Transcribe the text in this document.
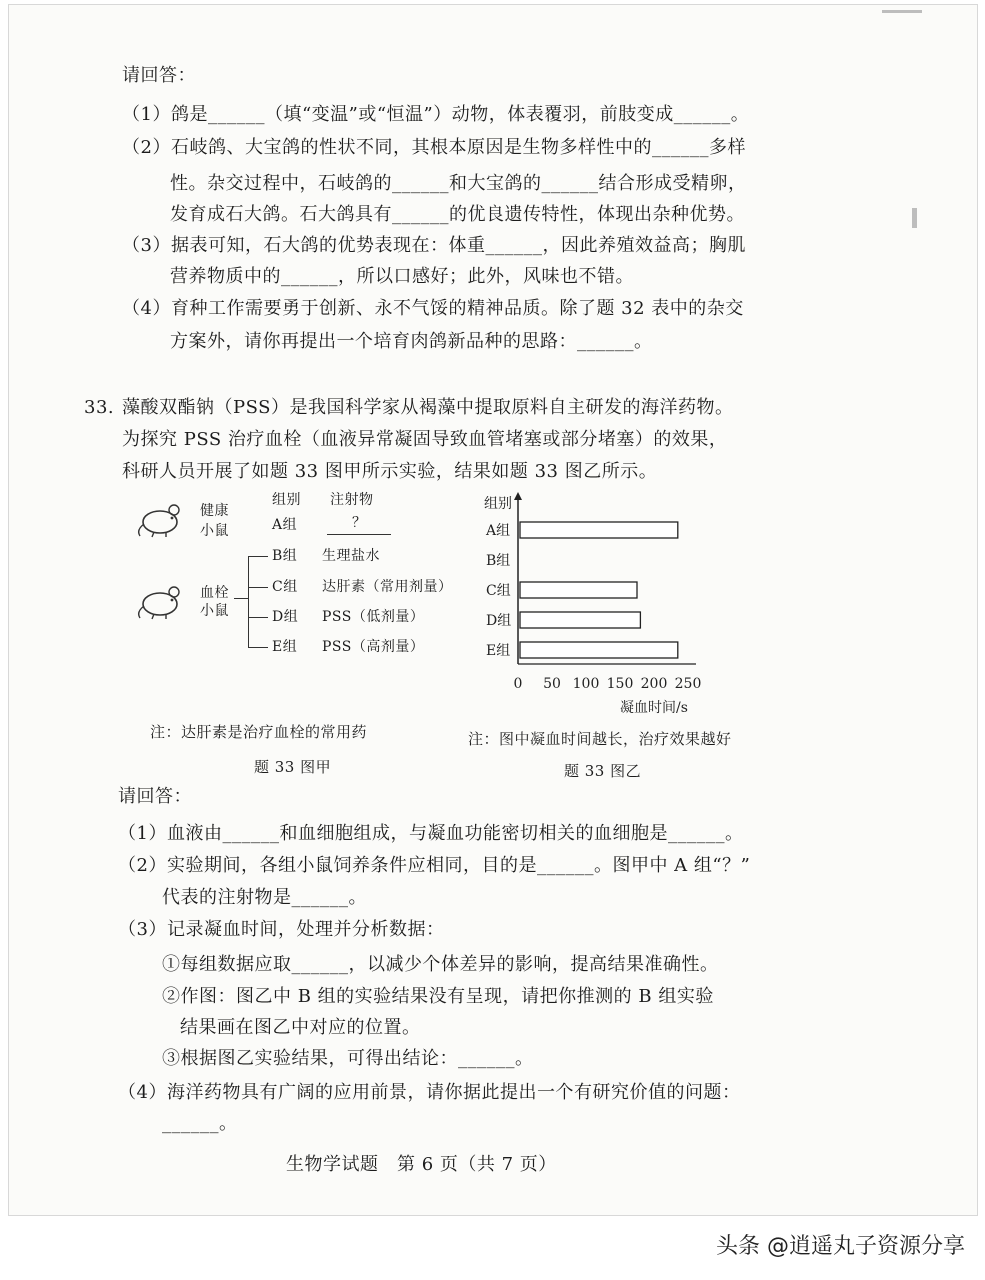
请回答：
（1）鸽是______（填“变温”或“恒温”）动物，体表覆羽，前肢变成______。
（2）石岐鸽、大宝鸽的性状不同，其根本原因是生物多样性中的______多样
性。杂交过程中，石岐鸽的______和大宝鸽的______结合形成受精卵，
发育成石大鸽。石大鸽具有______的优良遗传特性，体现出杂种优势。
（3）据表可知，石大鸽的优势表现在：体重______，因此养殖效益高；胸肌
营养物质中的______，所以口感好；此外，风味也不错。
（4）育种工作需要勇于创新、永不气馁的精神品质。除了题 32 表中的杂交
方案外，请你再提出一个培育肉鸽新品种的思路：______。
33. 藻酸双酯钠（PSS）是我国科学家从褐藻中提取原料自主研发的海洋药物。
为探究 PSS 治疗血栓（血液异常凝固导致血管堵塞或部分堵塞）的效果，
科研人员开展了如题 33 图甲所示实验，结果如题 33 图乙所示。
健康
小鼠
血栓
小鼠
组别 注射物
A组	？
B组 生理盐水
C组 达肝素（常用剂量）
D组 PSS（低剂量）
E组 PSS（高剂量）
注：达肝素是治疗血栓的常用药
题 33 图甲
组别
0 50 100 150 200 250
凝血时间/s
A组
B组
C组
D组
E组
注：图中凝血时间越长，治疗效果越好
题 33 图乙
请回答：
（1）血液由______和血细胞组成，与凝血功能密切相关的血细胞是______。
（2）实验期间，各组小鼠饲养条件应相同，目的是______。图甲中 A 组“？”
代表的注射物是______。
（3）记录凝血时间，处理并分析数据：
①每组数据应取______，以减少个体差异的影响，提高结果准确性。
②作图：图乙中 B 组的实验结果没有呈现，请把你推测的 B 组实验
结果画在图乙中对应的位置。
③根据图乙实验结果，可得出结论：______。
（4）海洋药物具有广阔的应用前景，请你据此提出一个有研究价值的问题：
______。
生物学试题　第 6 页（共 7 页）
头条 @逍遥丸子资源分享
